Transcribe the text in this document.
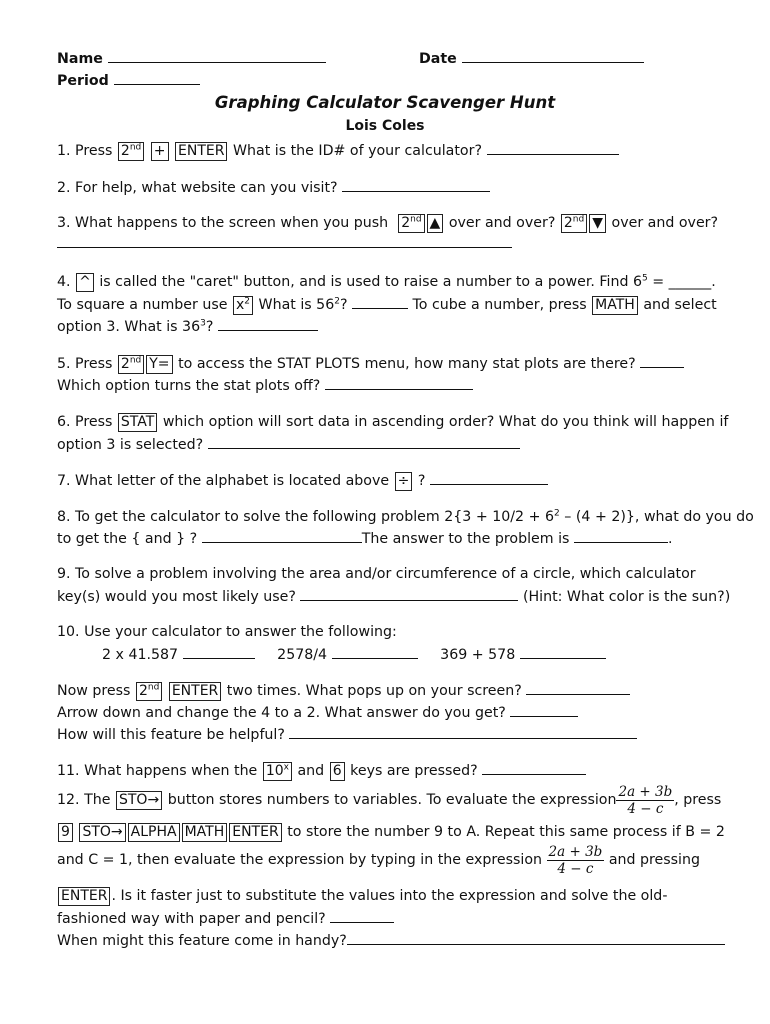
Name	Date
Period
Graphing Calculator Scavenger Hunt
Lois Coles
1. Press 2nd + ENTER What is the ID# of your calculator?
2. For help, what website can you visit?
3. What happens to the screen when you push 2nd ▲ over and over? 2nd ▼ over and over?
4. ^ is called the "caret" button, and is used to raise a number to a power. Find $6^5$ = ______.
To square a number use $x^2$ What is $56^2$?	To cube a number, press MATH and select
option 3. What is $36^3$?
5. Press 2nd Y= to access the STAT PLOTS menu, how many stat plots are there?
Which option turns the stat plots off?
6. Press STAT which option will sort data in ascending order? What do you think will happen if
option 3 is selected?
7. What letter of the alphabet is located above ÷ ?
8. To get the calculator to solve the following problem $2\{3 + 10/2 + 6^2 - (4 + 2)\}$, what do you do
to get the { and } ?	The answer to the problem is	.
9. To solve a problem involving the area and/or circumference of a circle, which calculator
key(s) would you most likely use?	(Hint: What color is the sun?)
10. Use your calculator to answer the following:
2 x 41.587	2578/4	369 + 578
Now press 2nd ENTER two times. What pops up on your screen?
Arrow down and change the 4 to a 2. What answer do you get?
How will this feature be helpful?
11. What happens when the 10$^x$ and 6 keys are pressed?
12. The STO→ button stores numbers to variables. To evaluate the expression $\frac{2a + 3b}{4 - c}$ , press
9 STO→ ALPHA MATH ENTER to store the number 9 to A. Repeat this same process if B = 2
and C = 1, then evaluate the expression by typing in the expression $\frac{2a + 3b}{4 - c}$ and pressing
ENTER . Is it faster just to substitute the values into the expression and solve the old-
fashioned way with paper and pencil?
When might this feature come in handy?
